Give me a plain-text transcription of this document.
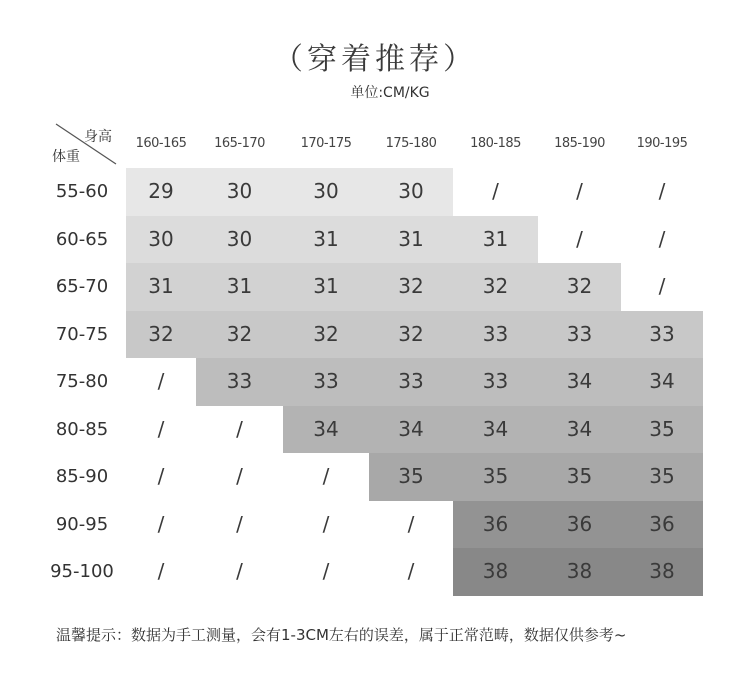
（穿着推荐）
单位:CM/KG
身高
体重
160-165	165-170	170-175	175-180	180-185	185-190	190-195
55-60	29	30	30	30	/	/	/
60-65	30	30	31	31	31	/	/
65-70	31	31	31	32	32	32	/
70-75	32	32	32	32	33	33	33
75-80	/	33	33	33	33	34	34
80-85	/	/	34	34	34	34	35
85-90	/	/	/	35	35	35	35
90-95	/	/	/	/	36	36	36
95-100	/	/	/	/	38	38	38
温馨提示：数据为手工测量，会有1-3CM左右的误差，属于正常范畴，数据仅供参考~
